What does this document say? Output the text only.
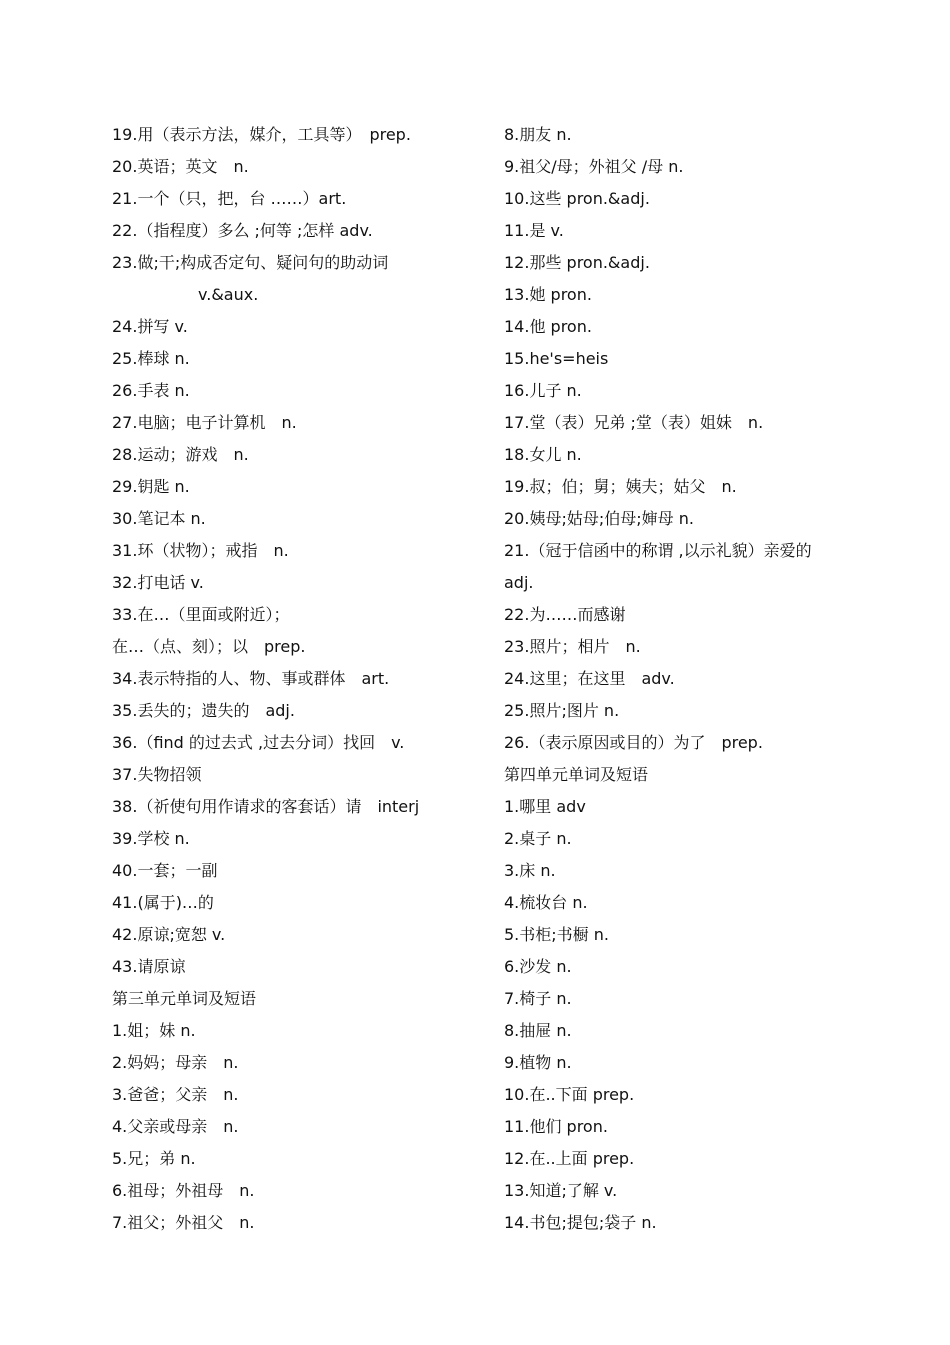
19.用（表示方法，媒介，工具等）　prep.
20.英语；英文　n.
21.一个（只，把，台 ……）art.
22.（指程度）多么 ;何等 ;怎样 adv.
23.做;干;构成否定句、疑问句的助动词
v.&aux.
24.拼写 v.
25.棒球 n.
26.手表 n.
27.电脑；电子计算机　n.
28.运动；游戏　n.
29.钥匙 n.
30.笔记本 n.
31.环（状物）；戒指　n.
32.打电话 v.
33.在…（里面或附近）；
在…（点、刻）；以　prep.
34.表示特指的人、物、事或群体　art.
35.丢失的；遗失的　adj.
36.（find 的过去式 ,过去分词）找回　v.
37.失物招领
38.（祈使句用作请求的客套话）请　interj
39.学校 n.
40.一套；一副
41.(属于)…的
42.原谅;宽恕 v.
43.请原谅
第三单元单词及短语
1.姐；妹 n.
2.妈妈；母亲　n.
3.爸爸；父亲　n.
4.父亲或母亲　n.
5.兄；弟 n.
6.祖母；外祖母　n.
7.祖父；外祖父　n.
8.朋友 n.
9.祖父/母；外祖父 /母 n.
10.这些 pron.&adj.
11.是 v.
12.那些 pron.&adj.
13.她 pron.
14.他 pron.
15.he's=heis
16.儿子 n.
17.堂（表）兄弟 ;堂（表）姐妹　n.
18.女儿 n.
19.叔；伯；舅；姨夫；姑父　n.
20.姨母;姑母;伯母;婶母 n.
21.（冠于信函中的称谓 ,以示礼貌）亲爱的
adj.
22.为……而感谢
23.照片；相片　n.
24.这里；在这里　adv.
25.照片;图片 n.
26.（表示原因或目的）为了　prep.
第四单元单词及短语
1.哪里 adv
2.桌子 n.
3.床 n.
4.梳妆台 n.
5.书柜;书橱 n.
6.沙发 n.
7.椅子 n.
8.抽屉 n.
9.植物 n.
10.在..下面 prep.
11.他们 pron.
12.在..上面 prep.
13.知道;了解 v.
14.书包;提包;袋子 n.
